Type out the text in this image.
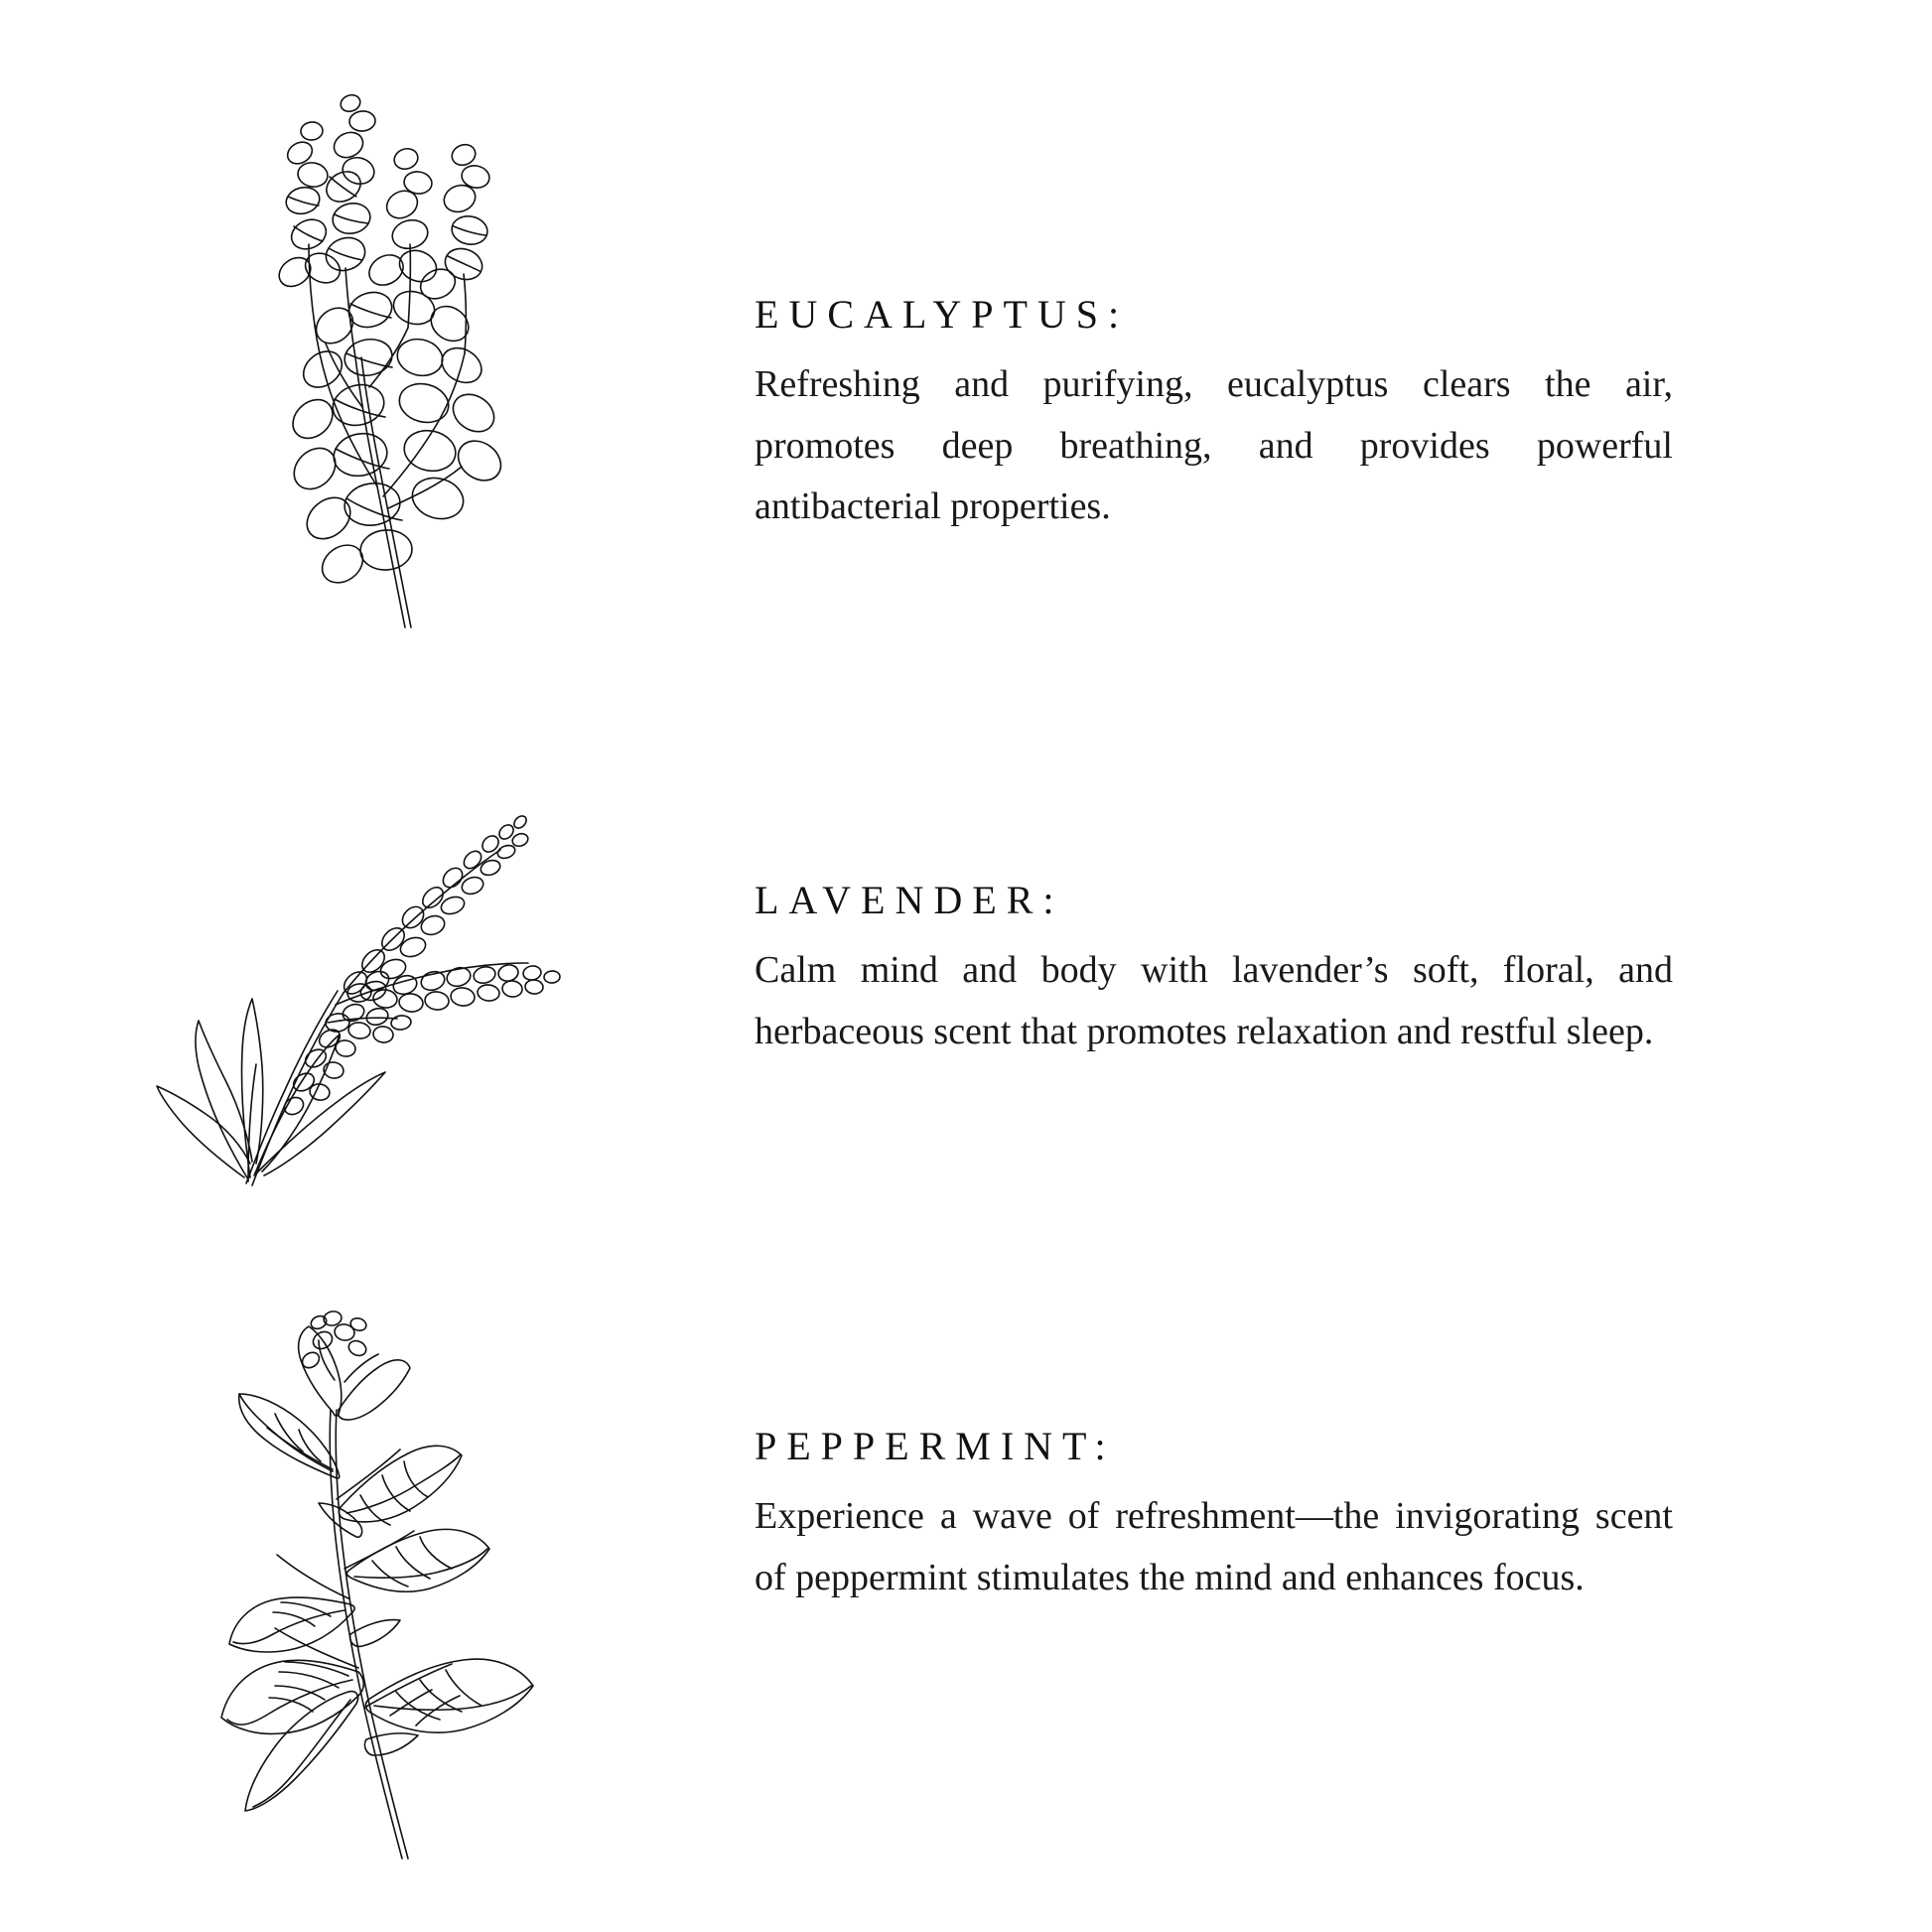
EUCALYPTUS:

Refreshing and purifying, eucalyptus clears the air, promotes deep breathing, and provides powerful antibacterial properties.

LAVENDER:

Calm mind and body with lavender’s soft, floral, and herbaceous scent that promotes relaxation and restful sleep.

PEPPERMINT:

Experience a wave of refreshment—the invigorating scent of peppermint stimulates the mind and enhances focus.
